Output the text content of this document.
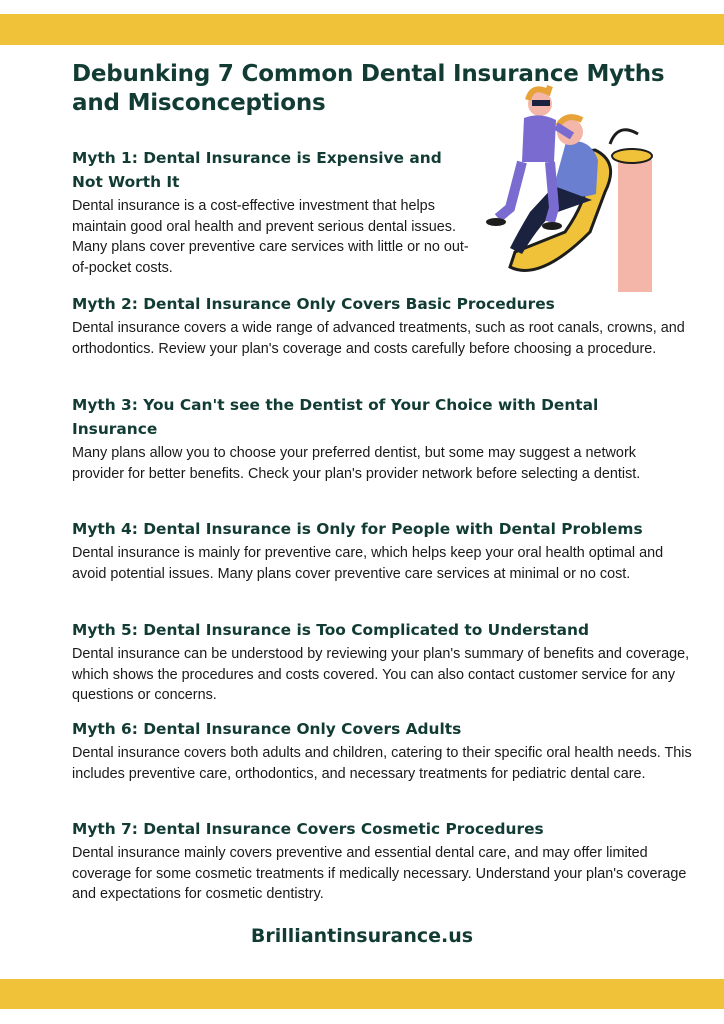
Debunking 7 Common Dental Insurance Myths and Misconceptions
Myth 1: Dental Insurance is Expensive and Not Worth It

Dental insurance is a cost-effective investment that helps maintain good oral health and prevent serious dental issues. Many plans cover preventive care services with little or no out-of-pocket costs.

Myth 2: Dental Insurance Only Covers Basic Procedures

Dental insurance covers a wide range of advanced treatments, such as root canals, crowns, and orthodontics. Review your plan's coverage and costs carefully before choosing a procedure.

Myth 3: You Can't see the Dentist of Your Choice with Dental Insurance

Many plans allow you to choose your preferred dentist, but some may suggest a network provider for better benefits. Check your plan's provider network before selecting a dentist.

Myth 4: Dental Insurance is Only for People with Dental Problems

Dental insurance is mainly for preventive care, which helps keep your oral health optimal and avoid potential issues. Many plans cover preventive care services at minimal or no cost.

Myth 5: Dental Insurance is Too Complicated to Understand

Dental insurance can be understood by reviewing your plan's summary of benefits and coverage, which shows the procedures and costs covered. You can also contact customer service for any questions or concerns.

Myth 6: Dental Insurance Only Covers Adults

Dental insurance covers both adults and children, catering to their specific oral health needs. This includes preventive care, orthodontics, and necessary treatments for pediatric dental care.

Myth 7: Dental Insurance Covers Cosmetic Procedures

Dental insurance mainly covers preventive and essential dental care, and may offer limited coverage for some cosmetic treatments if medically necessary. Understand your plan's coverage and expectations for cosmetic dentistry.

Brilliantinsurance.us
